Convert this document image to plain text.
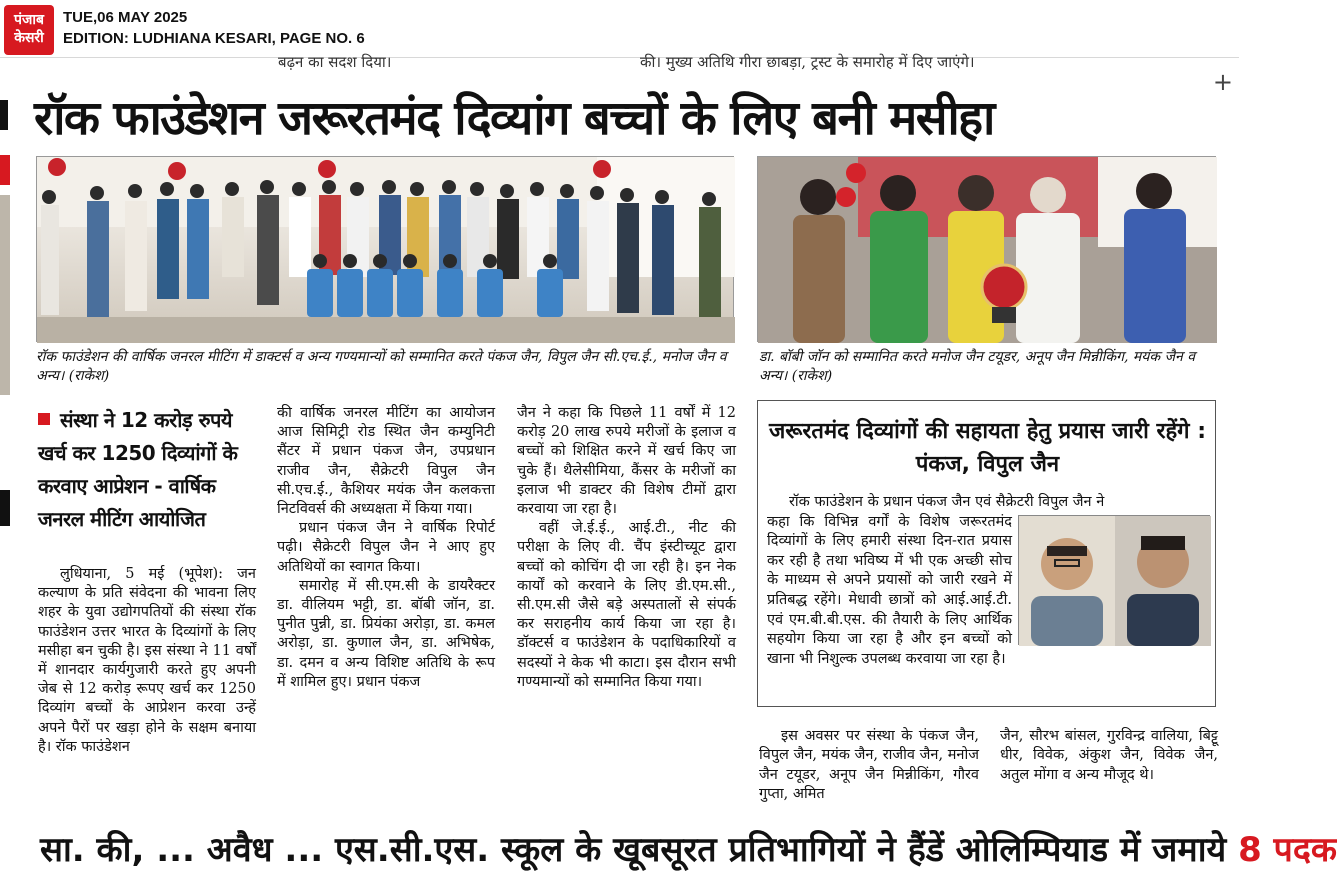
पंजाब
केसरी
TUE,06 MAY 2025
EDITION: LUDHIANA KESARI, PAGE NO. 6
बढ़न का सदश दिया।	की। मुख्य अतिथि गीरा छाबड़ा, ट्रस्ट के समारोह में दिए जाएंगे।
+
रॉक फाउंडेशन जरूरतमंद दिव्यांग बच्चों के लिए बनी मसीहा
रॉक फाउंडेशन की वार्षिक जनरल मीटिंग में डाक्टर्स व अन्य गण्यमान्यों को सम्मानित करते पंकज जैन, विपुल जैन सी.एच.ई., मनोज जैन व अन्य। (राकेश)
डा. बॉबी जॉन को सम्मानित करते मनोज जैन टयूडर, अनूप जैन मिन्नीकिंग, मयंक जैन व अन्य। (राकेश)
संस्था ने 12 करोड़ रुपये खर्च कर 1250 दिव्यांगों के करवाए आप्रेशन - वार्षिक जनरल मीटिंग आयोजित

लुधियाना, 5 मई (भूपेश): जन कल्याण के प्रति संवेदना की भावना लिए शहर के युवा उद्योगपतियों की संस्था रॉक फाउंडेशन उत्तर भारत के दिव्यांगों के लिए मसीहा बन चुकी है। इस संस्था ने 11 वर्षों में शानदार कार्यगुजारी करते हुए अपनी जेब से 12 करोड़ रूपए खर्च कर 1250 दिव्यांग बच्चों के आप्रेशन करवा उन्हें अपने पैरों पर खड़ा होने के सक्षम बनाया है। रॉक फाउंडेशन

की वार्षिक जनरल मीटिंग का आयोजन आज सिमिट्री रोड स्थित जैन कम्युनिटी सैंटर में प्रधान पंकज जैन, उपप्रधान राजीव जैन, सैक्रेटरी विपुल जैन सी.एच.ई., कैशियर मयंक जैन कलकत्ता निटविवर्स की अध्यक्षता में किया गया।

प्रधान पंकज जैन ने वार्षिक रिपोर्ट पढ़ी। सैक्रेटरी विपुल जैन ने आए हुए अतिथियों का स्वागत किया।

समारोह में सी.एम.सी के डायरैक्टर डा. वीलियम भट्टी, डा. बॉबी जॉन, डा. पुनीत पुन्नी, डा. प्रियंका अरोड़ा, डा. कमल अरोड़ा, डा. कुणाल जैन, डा. अभिषेक, डा. दमन व अन्य विशिष्ट अतिथि के रूप में शामिल हुए। प्रधान पंकज

जैन ने कहा कि पिछले 11 वर्षों में 12 करोड़ 20 लाख रुपये मरीजों के इलाज व बच्चों को शिक्षित करने में खर्च किए जा चुके हैं। थैलेसीमिया, कैंसर के मरीजों का इलाज भी डाक्टर की विशेष टीमों द्वारा करवाया जा रहा है।

वहीं जे.ई.ई., आई.टी., नीट की परीक्षा के लिए वी. चैंप इंस्टीच्यूट द्वारा बच्चों को कोचिंग दी जा रही है। इन नेक कार्यों को करवाने के लिए डी.एम.सी., सी.एम.सी जैसे बड़े अस्पतालों से संपर्क कर सराहनीय कार्य किया जा रहा है। डॉक्टर्स व फाउंडेशन के पदाधिकारियों व सदस्यों ने केक भी काटा। इस दौरान सभी गण्यमान्यों को सम्मानित किया गया।

जरूरतमंद दिव्यांगों की सहायता हेतु प्रयास जारी रहेंगे : पंकज, विपुल जैन

रॉक फाउंडेशन के प्रधान पंकज जैन एवं सैक्रेटरी विपुल जैन ने

कहा कि विभिन्न वर्गों के विशेष जरूरतमंद दिव्यांगों के लिए हमारी संस्था दिन-रात प्रयास कर रही है तथा भविष्य में भी एक अच्छी सोच के माध्यम से अपने प्रयासों को जारी रखने में प्रतिबद्ध रहेंगे। मेधावी छात्रों को आई.आई.टी. एवं एम.बी.बी.एस. की तैयारी के लिए आर्थिक सहयोग किया जा रहा है और इन बच्चों को खाना भी निशुल्क उपलब्ध करवाया जा रहा है।

इस अवसर पर संस्था के पंकज जैन, विपुल जैन, मयंक जैन, राजीव जैन, मनोज जैन टयूडर, अनूप जैन मिन्नीकिंग, गौरव गुप्ता, अमित

जैन, सौरभ बांसल, गुरविन्द्र वालिया, बिट्टू धीर, विवेक, अंकुश जैन, विवेक जैन, अतुल मोंगा व अन्य मौजूद थे।

सा. की, ... अवैध ... एस.सी.एस. स्कूल के खूबसूरत प्रतिभागियों ने हैंडें ओलिम्पियाड में जमाये 8 पदक
